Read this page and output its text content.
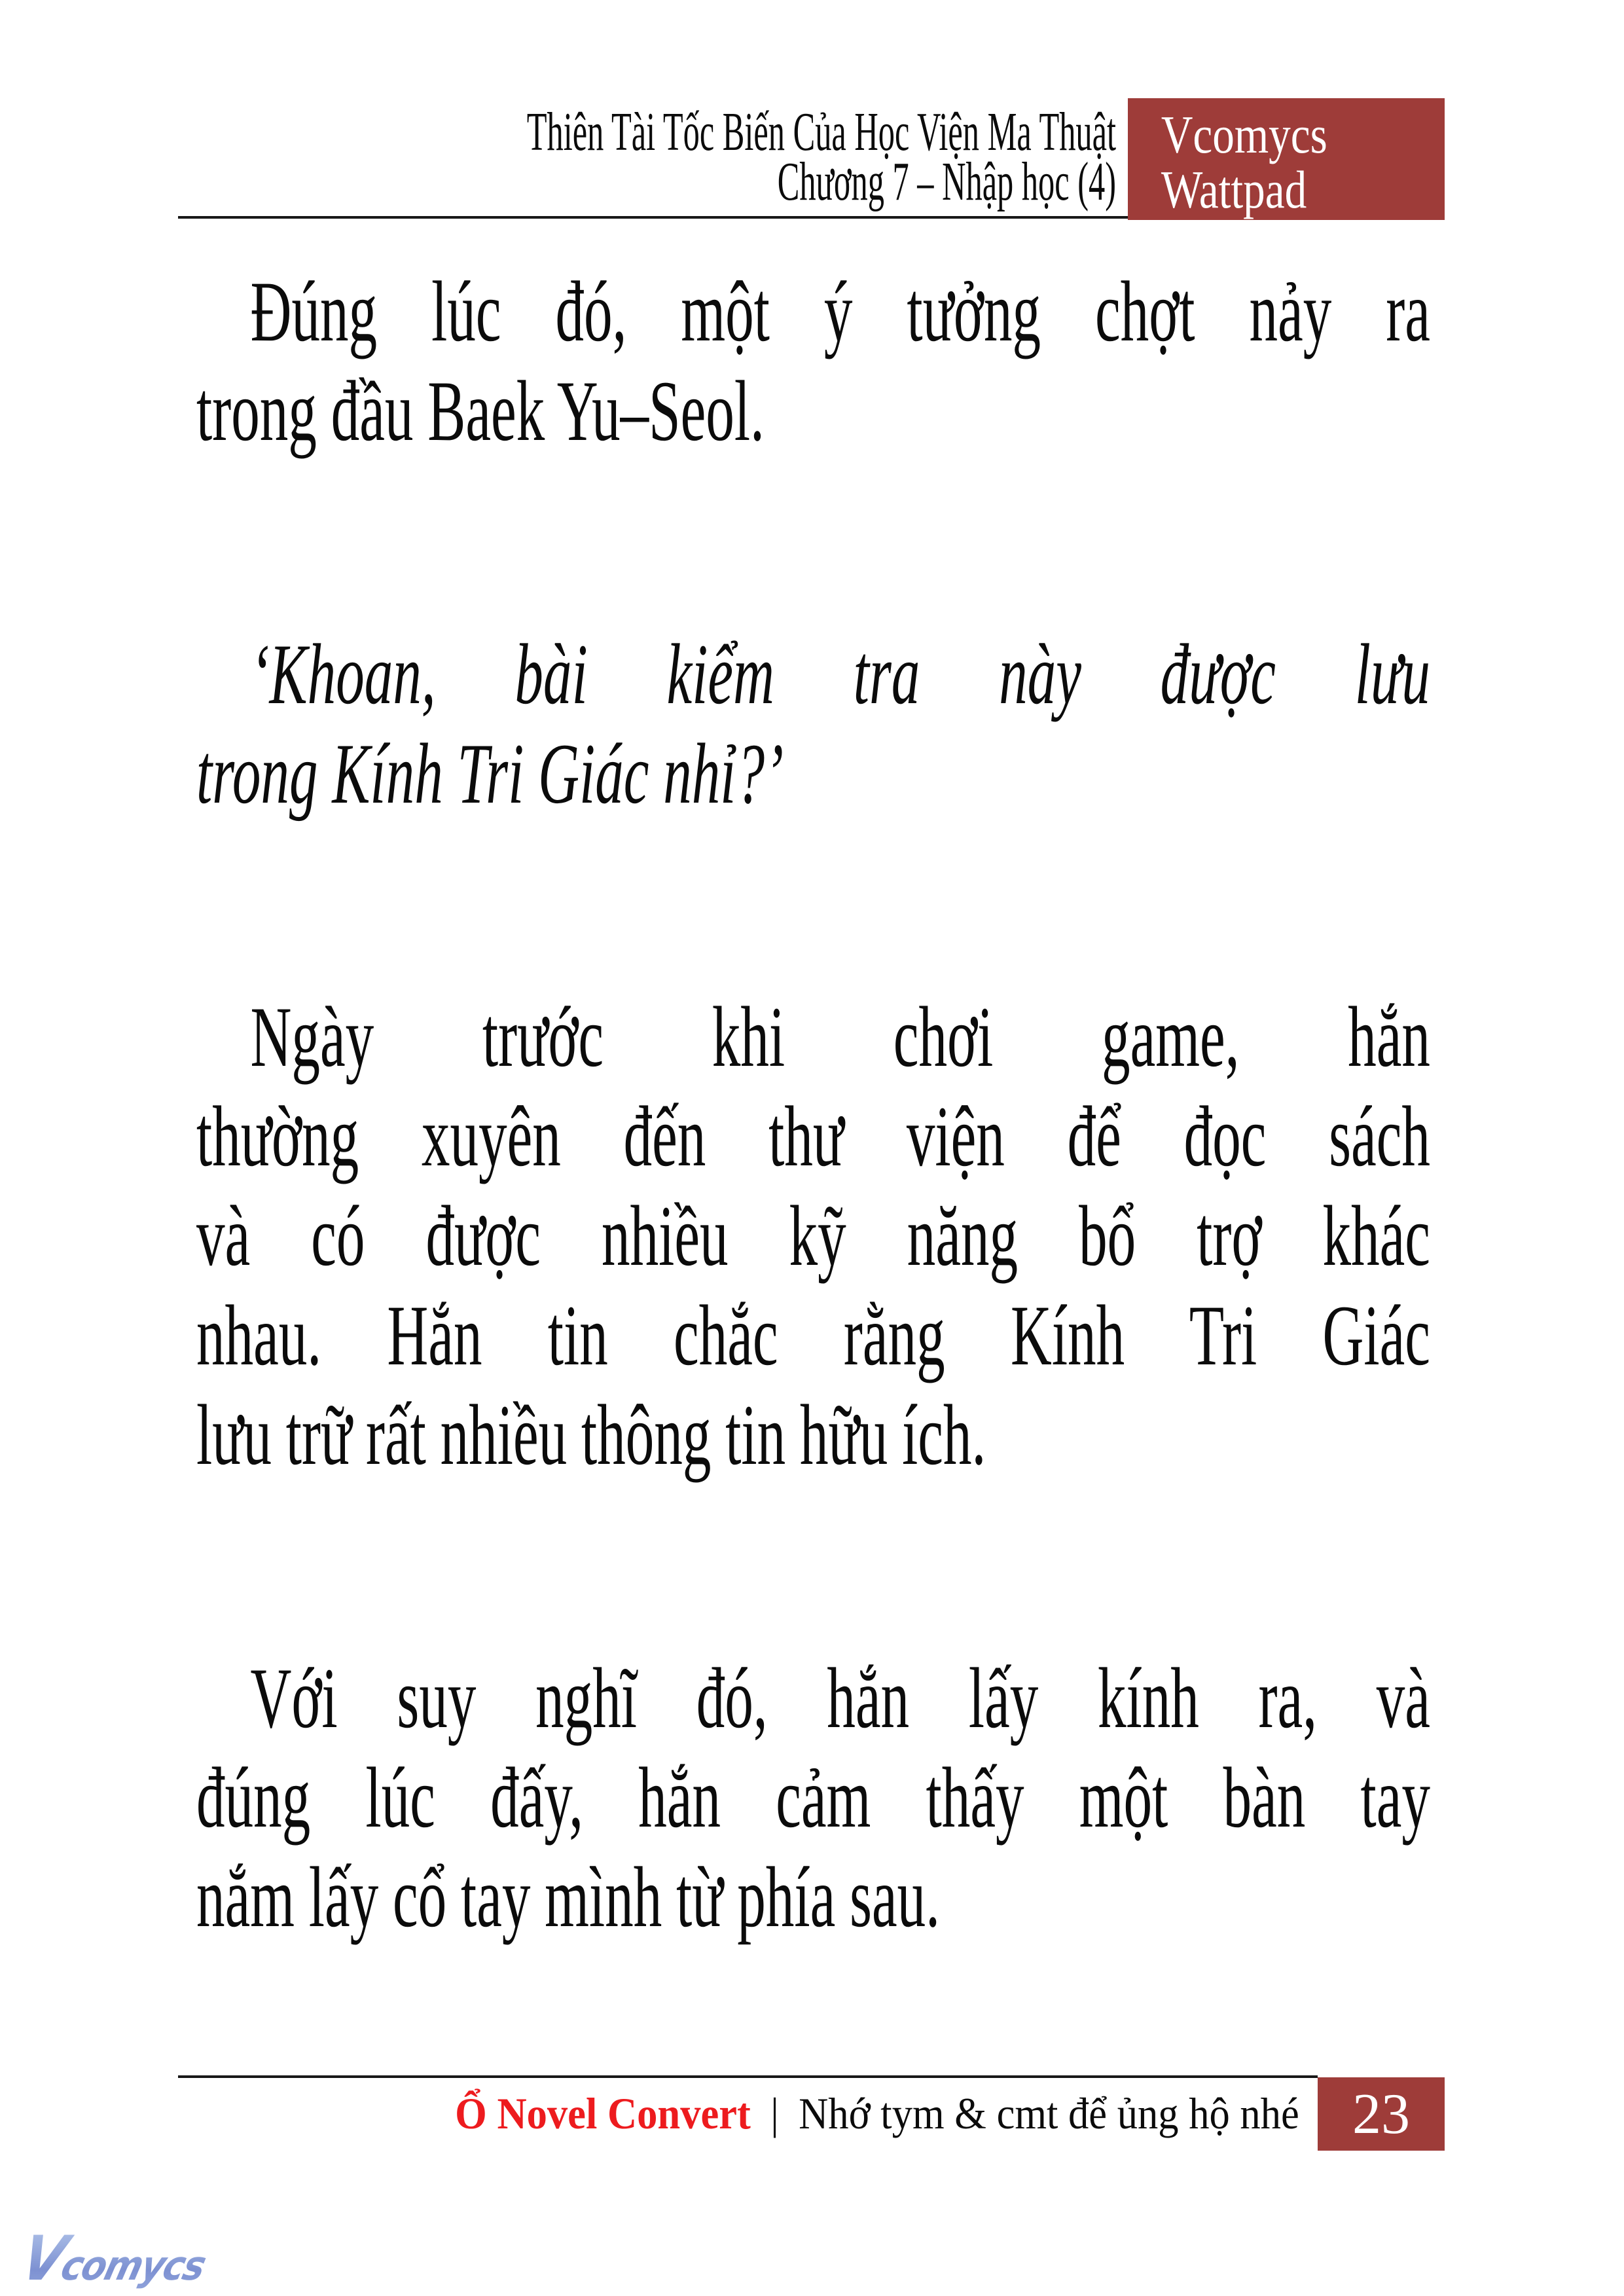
Thiên Tài Tốc Biến Của Học Viện Ma Thuật
Chương 7 – Nhập học (4)
Vcomycs
Wattpad
Đúng lúc đó, một ý tưởng chợt nảy ra
trong đầu Baek Yu–Seol.
‘Khoan, bài kiểm tra này được lưu
trong Kính Tri Giác nhỉ?’
Ngày trước khi chơi game, hắn
thường xuyên đến thư viện để đọc sách
và có được nhiều kỹ năng bổ trợ khác
nhau. Hắn tin chắc rằng Kính Tri Giác
lưu trữ rất nhiều thông tin hữu ích.
Với suy nghĩ đó, hắn lấy kính ra, và
đúng lúc đấy, hắn cảm thấy một bàn tay
nắm lấy cổ tay mình từ phía sau.
Ổ Novel Convert | Nhớ tym & cmt để ủng hộ nhé 23
Vcomycs
